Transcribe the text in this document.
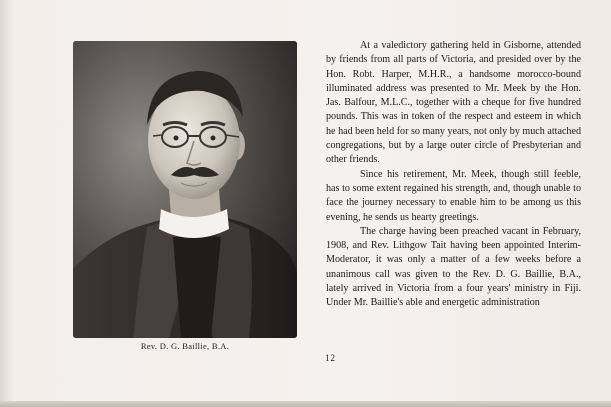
Rev. D. G. Baillie, B.A.

At a valedictory gathering held in Gisborne, attended by friends from all parts of Victoria, and presided over by the Hon. Robt. Harper, M.H.R., a handsome morocco-bound illuminated address was presented to Mr. Meek by the Hon. Jas. Balfour, M.L.C., together with a cheque for five hundred pounds. This was in token of the respect and esteem in which he had been held for so many years, not only by much attached congregations, but by a large outer circle of Presbyterian and other friends.

Since his retirement, Mr. Meek, though still feeble, has to some extent regained his strength, and, though unable to face the journey necessary to enable him to be among us this evening, he sends us hearty greetings.

The charge having been preached vacant in February, 1908, and Rev. Lithgow Tait having been appointed Interim-Moderator, it was only a matter of a few weeks before a unanimous call was given to the Rev. D. G. Baillie, B.A., lately arrived in Victoria from a four years' ministry in Fiji. Under Mr. Baillie's able and energetic administration

12
